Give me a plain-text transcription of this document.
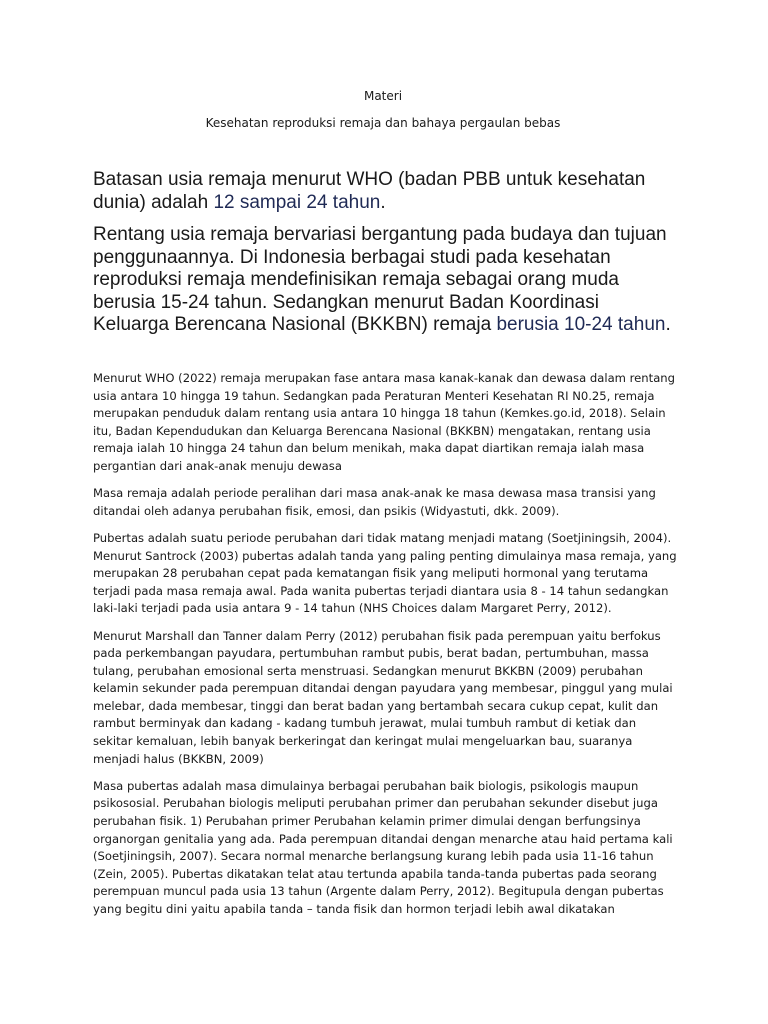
Materi
Kesehatan reproduksi remaja dan bahaya pergaulan bebas

Batasan usia remaja menurut WHO (badan PBB untuk kesehatan dunia) adalah 12 sampai 24 tahun.

Rentang usia remaja bervariasi bergantung pada budaya dan tujuan penggunaannya. Di Indonesia berbagai studi pada kesehatan reproduksi remaja mendefinisikan remaja sebagai orang muda berusia 15-24 tahun. Sedangkan menurut Badan Koordinasi Keluarga Berencana Nasional (BKKBN) remaja berusia 10-24 tahun.

Menurut WHO (2022) remaja merupakan fase antara masa kanak-kanak dan dewasa dalam rentang usia antara 10 hingga 19 tahun. Sedangkan pada Peraturan Menteri Kesehatan RI N0.25, remaja merupakan penduduk dalam rentang usia antara 10 hingga 18 tahun (Kemkes.go.id, 2018). Selain itu, Badan Kependudukan dan Keluarga Berencana Nasional (BKKBN) mengatakan, rentang usia remaja ialah 10 hingga 24 tahun dan belum menikah, maka dapat diartikan remaja ialah masa pergantian dari anak-anak menuju dewasa

Masa remaja adalah periode peralihan dari masa anak-anak ke masa dewasa masa transisi yang ditandai oleh adanya perubahan fisik, emosi, dan psikis (Widyastuti, dkk. 2009).

Pubertas adalah suatu periode perubahan dari tidak matang menjadi matang (Soetjiningsih, 2004). Menurut Santrock (2003) pubertas adalah tanda yang paling penting dimulainya masa remaja, yang merupakan 28 perubahan cepat pada kematangan fisik yang meliputi hormonal yang terutama terjadi pada masa remaja awal. Pada wanita pubertas terjadi diantara usia 8 - 14 tahun sedangkan laki-laki terjadi pada usia antara 9 - 14 tahun (NHS Choices dalam Margaret Perry, 2012).

Menurut Marshall dan Tanner dalam Perry (2012) perubahan fisik pada perempuan yaitu berfokus pada perkembangan payudara, pertumbuhan rambut pubis, berat badan, pertumbuhan, massa tulang, perubahan emosional serta menstruasi. Sedangkan menurut BKKBN (2009) perubahan kelamin sekunder pada perempuan ditandai dengan payudara yang membesar, pinggul yang mulai melebar, dada membesar, tinggi dan berat badan yang bertambah secara cukup cepat, kulit dan rambut berminyak dan kadang - kadang tumbuh jerawat, mulai tumbuh rambut di ketiak dan sekitar kemaluan, lebih banyak berkeringat dan keringat mulai mengeluarkan bau, suaranya menjadi halus (BKKBN, 2009)

Masa pubertas adalah masa dimulainya berbagai perubahan baik biologis, psikologis maupun psikososial. Perubahan biologis meliputi perubahan primer dan perubahan sekunder disebut juga perubahan fisik. 1) Perubahan primer Perubahan kelamin primer dimulai dengan berfungsinya organorgan genitalia yang ada. Pada perempuan ditandai dengan menarche atau haid pertama kali (Soetjiningsih, 2007). Secara normal menarche berlangsung kurang lebih pada usia 11-16 tahun (Zein, 2005). Pubertas dikatakan telat atau tertunda apabila tanda-tanda pubertas pada seorang perempuan muncul pada usia 13 tahun (Argente dalam Perry, 2012). Begitupula dengan pubertas yang begitu dini yaitu apabila tanda – tanda fisik dan hormon terjadi lebih awal dikatakan
